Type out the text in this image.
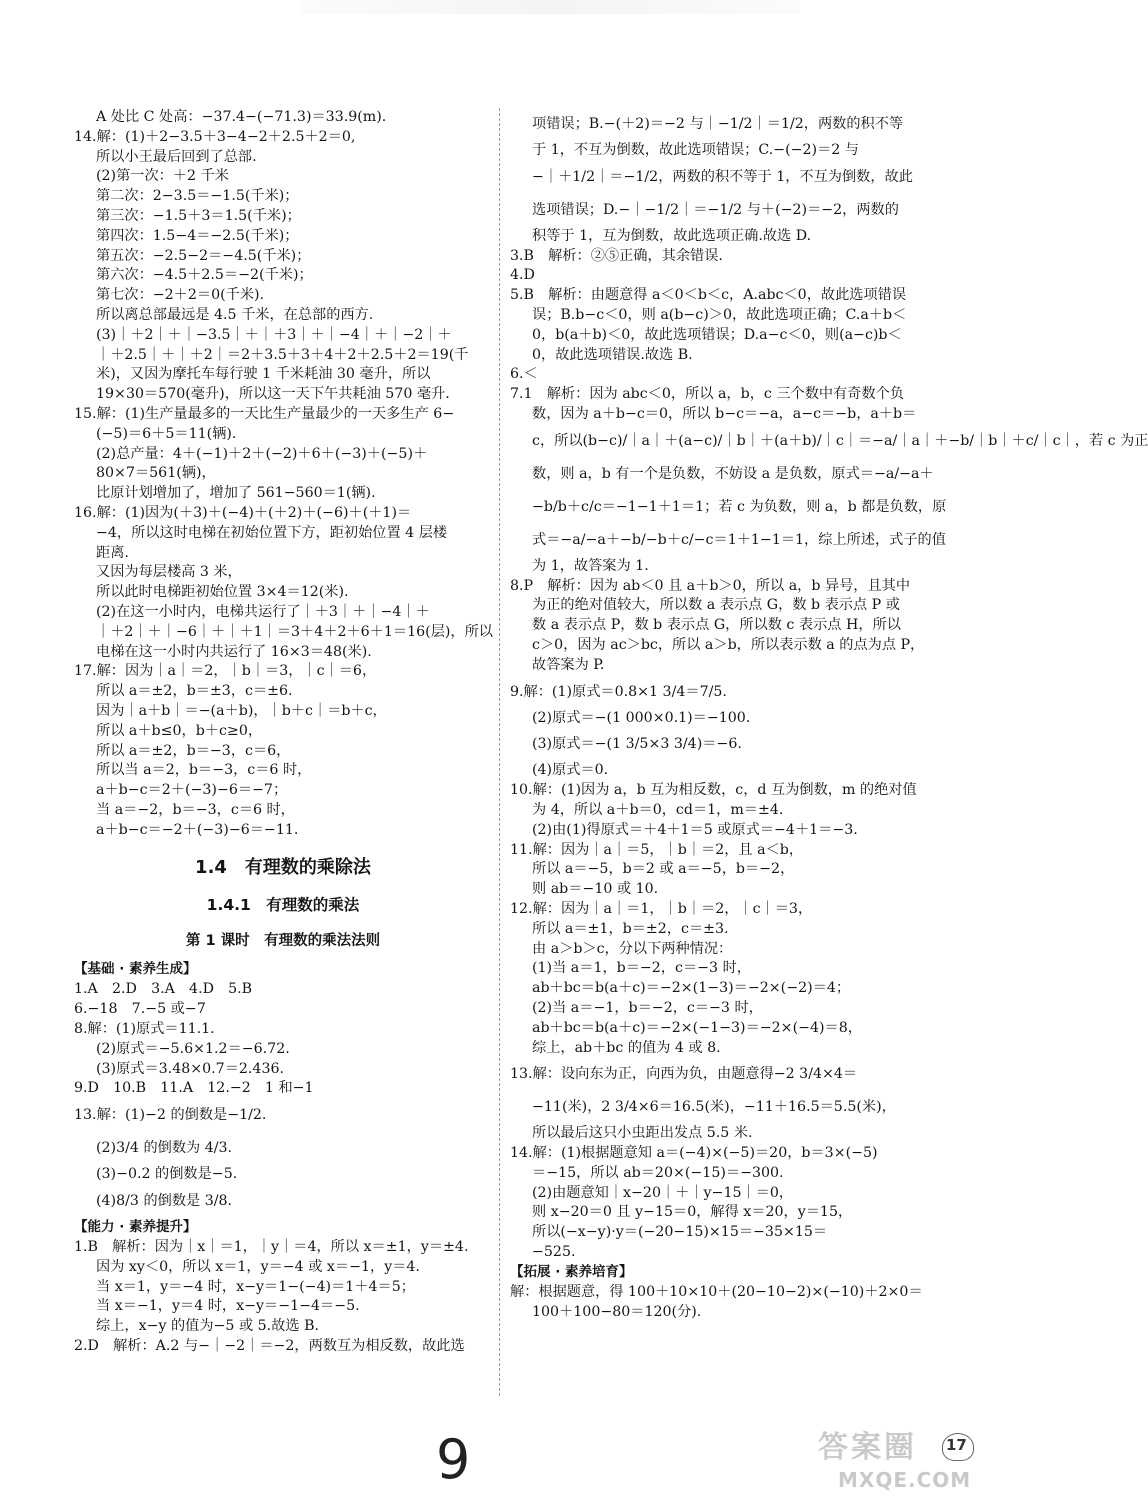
A 处比 C 处高：−37.4−(−71.3)＝33.9(m).
14.解：(1)＋2−3.5＋3−4−2＋2.5＋2＝0,
所以小王最后回到了总部.
(2)第一次：＋2 千米
第二次：2−3.5＝−1.5(千米)；
第三次：−1.5＋3＝1.5(千米)；
第四次：1.5−4＝−2.5(千米)；
第五次：−2.5−2＝−4.5(千米)；
第六次：−4.5＋2.5＝−2(千米)；
第七次：−2＋2＝0(千米).
所以离总部最远是 4.5 千米，在总部的西方.
(3)｜＋2｜＋｜−3.5｜＋｜＋3｜＋｜−4｜＋｜−2｜＋
｜＋2.5｜＋｜＋2｜＝2＋3.5＋3＋4＋2＋2.5＋2＝19(千
米)，又因为摩托车每行驶 1 千米耗油 30 毫升，所以
19×30＝570(毫升)，所以这一天下午共耗油 570 毫升.
15.解：(1)生产量最多的一天比生产量最少的一天多生产 6−
(−5)＝6＋5＝11(辆).
(2)总产量：4＋(−1)＋2＋(−2)＋6＋(−3)＋(−5)＋
80×7＝561(辆)，
比原计划增加了，增加了 561−560＝1(辆).
16.解：(1)因为(＋3)＋(−4)＋(＋2)＋(−6)＋(＋1)＝
−4，所以这时电梯在初始位置下方，距初始位置 4 层楼
距离.
又因为每层楼高 3 米，
所以此时电梯距初始位置 3×4＝12(米).
(2)在这一小时内，电梯共运行了｜＋3｜＋｜−4｜＋
｜＋2｜＋｜−6｜＋｜＋1｜＝3＋4＋2＋6＋1＝16(层)，所以
电梯在这一小时内共运行了 16×3＝48(米).
17.解：因为｜a｜＝2，｜b｜＝3，｜c｜＝6，
所以 a＝±2，b＝±3，c＝±6.
因为｜a＋b｜＝−(a＋b)，｜b＋c｜＝b＋c，
所以 a＋b≤0，b＋c≥0，
所以 a＝±2，b＝−3，c＝6，
所以当 a＝2，b＝−3，c＝6 时，
a＋b−c＝2＋(−3)−6＝−7；
当 a＝−2，b＝−3，c＝6 时，
a＋b−c＝−2＋(−3)−6＝−11.
1.4　有理数的乘除法
1.4.1　有理数的乘法
第 1 课时　有理数的乘法法则
【基础 · 素养生成】
1.A　2.D　3.A　4.D　5.B
6.−18　7.−5 或−7
8.解：(1)原式＝11.1.
(2)原式＝−5.6×1.2＝−6.72.
(3)原式＝3.48×0.7＝2.436.
9.D　10.B　11.A　12.−2　1 和−1
13.解：(1)−2 的倒数是−1/2.
(2)3/4 的倒数为 4/3.
(3)−0.2 的倒数是−5.
(4)8/3 的倒数是 3/8.
【能力 · 素养提升】
1.B　解析：因为｜x｜＝1，｜y｜＝4，所以 x＝±1，y＝±4.
因为 xy＜0，所以 x＝1，y＝−4 或 x＝−1，y＝4.
当 x＝1，y＝−4 时，x−y＝1−(−4)＝1＋4＝5；
当 x＝−1，y＝4 时，x−y＝−1−4＝−5.
综上，x−y 的值为−5 或 5.故选 B.
2.D　解析：A.2 与−｜−2｜＝−2，两数互为相反数，故此选
项错误；B.−(＋2)＝−2 与｜−1/2｜＝1/2，两数的积不等
于 1，不互为倒数，故此选项错误；C.−(−2)＝2 与
−｜＋1/2｜＝−1/2，两数的积不等于 1，不互为倒数，故此
选项错误；D.−｜−1/2｜＝−1/2 与＋(−2)＝−2，两数的
积等于 1，互为倒数，故此选项正确.故选 D.
3.B　解析：②⑤正确，其余错误.
4.D
5.B　解析：由题意得 a＜0＜b＜c，A.abc＜0，故此选项错误
误；B.b−c＜0，则 a(b−c)＞0，故此选项正确；C.a＋b＜
0，b(a＋b)＜0，故此选项错误；D.a−c＜0，则(a−c)b＜
0，故此选项错误.故选 B.
6.＜
7.1　解析：因为 abc＜0，所以 a，b，c 三个数中有奇数个负
数，因为 a＋b−c＝0，所以 b−c＝−a，a−c＝−b，a＋b＝
c，所以(b−c)/｜a｜＋(a−c)/｜b｜＋(a＋b)/｜c｜＝−a/｜a｜＋−b/｜b｜＋c/｜c｜，若 c 为正
数，则 a，b 有一个是负数，不妨设 a 是负数，原式＝−a/−a＋
−b/b＋c/c＝−1−1＋1＝1；若 c 为负数，则 a，b 都是负数，原
式＝−a/−a＋−b/−b＋c/−c＝1＋1−1＝1，综上所述，式子的值
为 1，故答案为 1.
8.P　解析：因为 ab＜0 且 a＋b＞0，所以 a，b 异号，且其中
为正的绝对值较大，所以数 a 表示点 G，数 b 表示点 P 或
数 a 表示点 P，数 b 表示点 G，所以数 c 表示点 H，所以
c＞0，因为 ac＞bc，所以 a＞b，所以表示数 a 的点为点 P，
故答案为 P.
9.解：(1)原式＝0.8×1 3/4＝7/5.
(2)原式＝−(1 000×0.1)＝−100.
(3)原式＝−(1 3/5×3 3/4)＝−6.
(4)原式＝0.
10.解：(1)因为 a，b 互为相反数，c，d 互为倒数，m 的绝对值
为 4，所以 a＋b＝0，cd＝1，m＝±4.
(2)由(1)得原式＝＋4＋1＝5 或原式＝−4＋1＝−3.
11.解：因为｜a｜＝5，｜b｜＝2，且 a＜b，
所以 a＝−5，b＝2 或 a＝−5，b＝−2，
则 ab＝−10 或 10.
12.解：因为｜a｜＝1，｜b｜＝2，｜c｜＝3，
所以 a＝±1，b＝±2，c＝±3.
由 a＞b＞c，分以下两种情况：
(1)当 a＝1，b＝−2，c＝−3 时，
ab＋bc＝b(a＋c)＝−2×(1−3)＝−2×(−2)＝4；
(2)当 a＝−1，b＝−2，c＝−3 时，
ab＋bc＝b(a＋c)＝−2×(−1−3)＝−2×(−4)＝8，
综上，ab＋bc 的值为 4 或 8.
13.解：设向东为正，向西为负，由题意得−2 3/4×4＝
−11(米)，2 3/4×6＝16.5(米)，−11＋16.5＝5.5(米)，
所以最后这只小虫距出发点 5.5 米.
14.解：(1)根据题意知 a＝(−4)×(−5)＝20，b＝3×(−5)
＝−15，所以 ab＝20×(−15)＝−300.
(2)由题意知｜x−20｜＋｜y−15｜＝0，
则 x−20＝0 且 y−15＝0，解得 x＝20，y＝15，
所以(−x−y)·y＝(−20−15)×15＝−35×15＝
−525.
【拓展 · 素养培育】
解：根据题意，得 100＋10×10＋(20−10−2)×(−10)＋2×0＝
100＋100−80＝120(分).
9	17
答案圈
MXQE.COM
